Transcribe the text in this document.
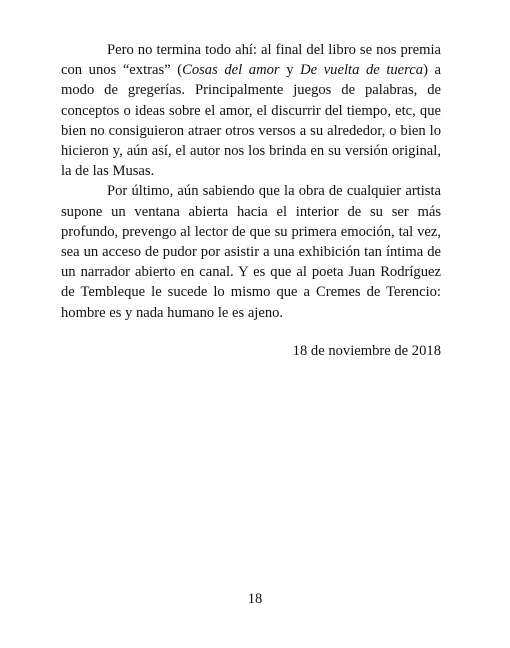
Pero no termina todo ahí: al final del libro se nos premia con unos “extras” (Cosas del amor y De vuelta de tuerca) a modo de gregerías. Principalmente juegos de palabras, de conceptos o ideas sobre el amor, el discurrir del tiempo, etc, que bien no consiguieron atraer otros versos a su alrededor, o bien lo hicieron y, aún así, el autor nos los brinda en su versión original, la de las Musas.

Por último, aún sabiendo que la obra de cualquier artista supone un ventana abierta hacia el interior de su ser más profundo, prevengo al lector de que su primera emoción, tal vez, sea un acceso de pudor por asistir a una exhibición tan íntima de un narrador abierto en canal. Y es que al poeta Juan Rodríguez de Tembleque le sucede lo mismo que a Cremes de Terencio: hombre es y nada humano le es ajeno.

18 de noviembre de 2018

18
